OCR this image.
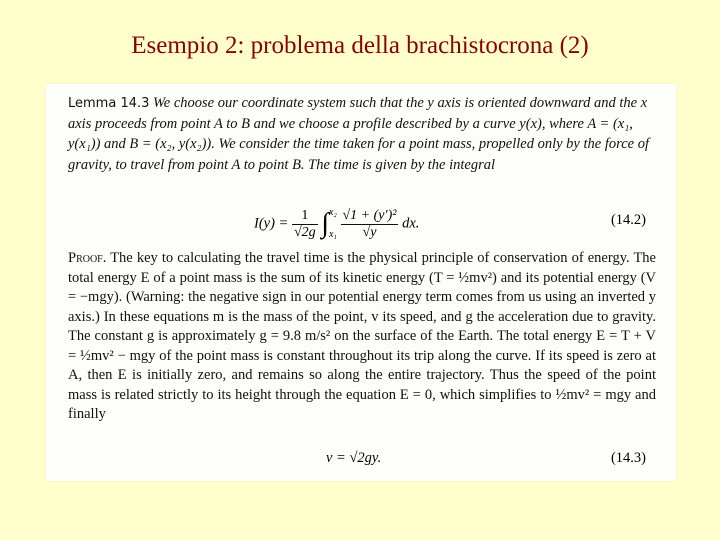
Esempio 2: problema della brachistocrona (2)
Lemma 14.3 We choose our coordinate system such that the y axis is oriented downward and the x axis proceeds from point A to B and we choose a profile described by a curve y(x), where A = (x₁, y(x₁)) and B = (x₂, y(x₂)). We consider the time taken for a point mass, propelled only by the force of gravity, to travel from point A to point B. The time is given by the integral
$I(y) = \frac{1}{√2g}$ ∫ x₂
x₁
$\frac{\text{√1 + (y′)²}}{√y}$ dx.	(14.2)
Proof. The key to calculating the travel time is the physical principle of conservation of energy. The total energy E of a point mass is the sum of its kinetic energy (T = ½mv²) and its potential energy (V = −mgy). (Warning: the negative sign in our potential energy term comes from us using an inverted y axis.) In these equations m is the mass of the point, v its speed, and g the acceleration due to gravity. The constant g is approximately g = 9.8 m/s² on the surface of the Earth. The total energy E = T + V = ½mv² − mgy of the point mass is constant throughout its trip along the curve. If its speed is zero at A, then E is initially zero, and remains so along the entire trajectory. Thus the speed of the point mass is related strictly to its height through the equation E = 0, which simplifies to ½mv² = mgy and finally
v = √2gy.	(14.3)
